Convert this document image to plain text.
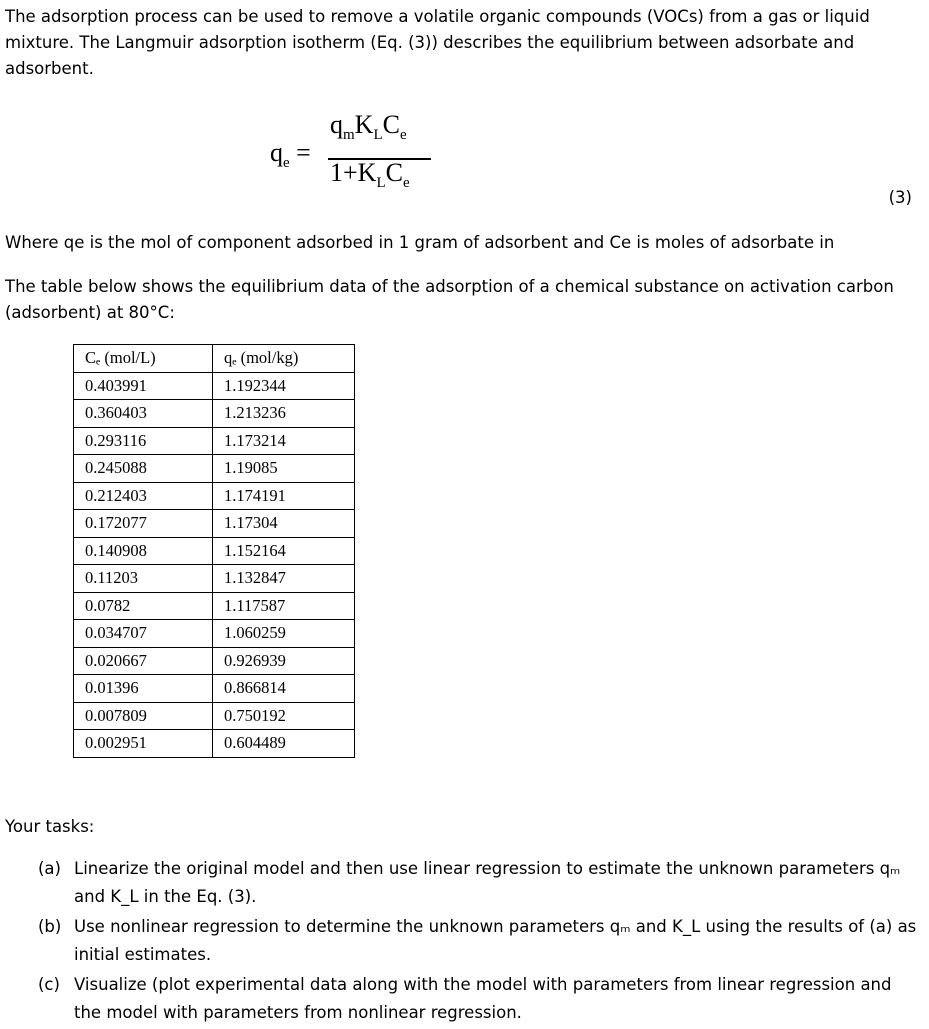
The adsorption process can be used to remove a volatile organic compounds (VOCs) from a gas or liquid mixture. The Langmuir adsorption isotherm (Eq. (3)) describes the equilibrium between adsorbate and adsorbent.

$q_e$ =
$q_mK_LC_e$
$1+K_LC_e$
(3)

Where qe is the mol of component adsorbed in 1 gram of adsorbent and Ce is moles of adsorbate in

The table below shows the equilibrium data of the adsorption of a chemical substance on activation carbon (adsorbent) at 80°C:

Cₑ (mol/L)	qₑ (mol/kg)
0.403991	1.192344
0.360403	1.213236
0.293116	1.173214
0.245088	1.19085
0.212403	1.174191
0.172077	1.17304
0.140908	1.152164
0.11203	1.132847
0.0782	1.117587
0.034707	1.060259
0.020667	0.926939
0.01396	0.866814
0.007809	0.750192
0.002951	0.604489
Your tasks:
(a) Linearize the original model and then use linear regression to estimate the unknown parameters qₘ and K_L in the Eq. (3).
(b) Use nonlinear regression to determine the unknown parameters qₘ and K_L using the results of (a) as initial estimates.
(c) Visualize (plot experimental data along with the model with parameters from linear regression and the model with parameters from nonlinear regression.
